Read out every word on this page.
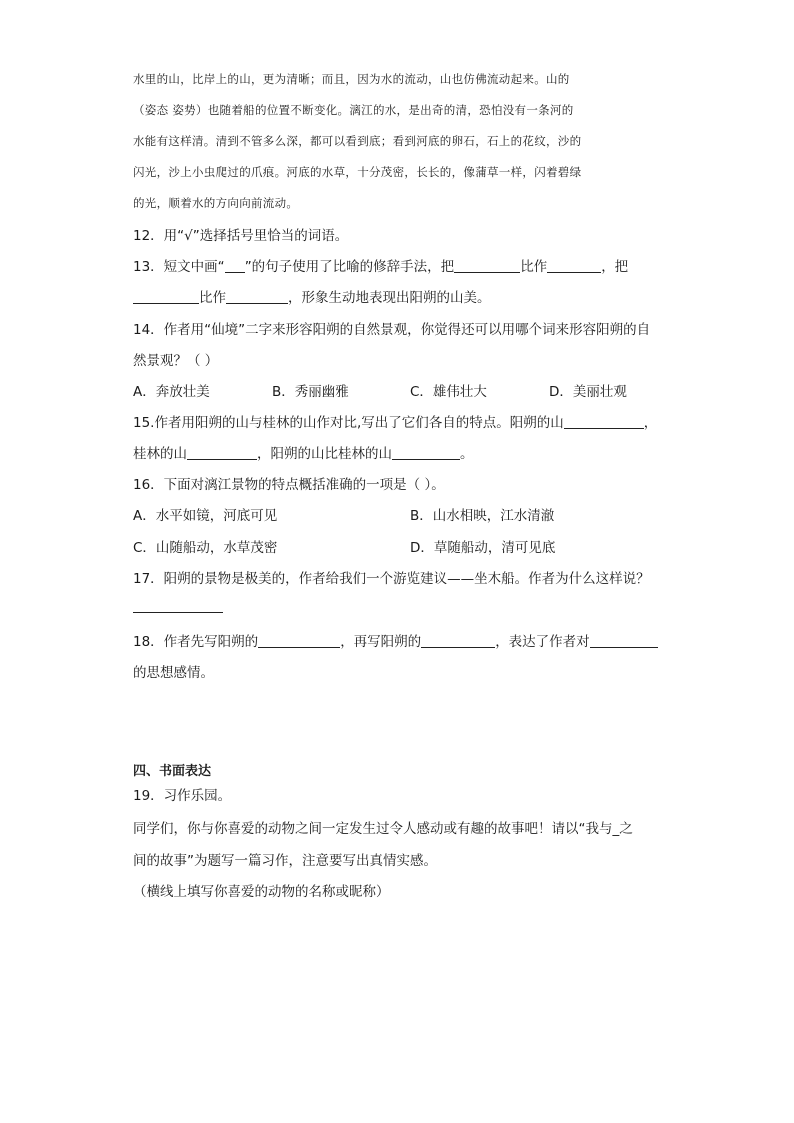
水里的山，比岸上的山，更为清晰；而且，因为水的流动，山也仿佛流动起来。山的

（姿态 姿势）也随着船的位置不断变化。漓江的水，是出奇的清，恐怕没有一条河的

水能有这样清。清到不管多么深，都可以看到底；看到河底的卵石，石上的花纹，沙的

闪光，沙上小虫爬过的爪痕。河底的水草，十分茂密，长长的，像蒲草一样，闪着碧绿

的光，顺着水的方向向前流动。

12．用“√”选择括号里恰当的词语。
13．短文中画“ ”的句子使用了比喻的修辞手法，把	比作	，把
比作	，形象生动地表现出阳朔的山美。
14．作者用“仙境”二字来形容阳朔的自然景观，你觉得还可以用哪个词来形容阳朔的自
然景观？（ ）
A．奔放壮美	B．秀丽幽雅	C．雄伟壮大	D．美丽壮观
15.作者用阳朔的山与桂林的山作对比,写出了它们各自的特点。阳朔的山	，
桂林的山	，阳朔的山比桂林的山	。
16．下面对漓江景物的特点概括准确的一项是（ ）。
A．水平如镜，河底可见	B．山水相映，江水清澈
C．山随船动，水草茂密	D．草随船动，清可见底
17．阳朔的景物是极美的，作者给我们一个游览建议——坐木船。作者为什么这样说？
18．作者先写阳朔的	，再写阳朔的	，表达了作者对
的思想感情。
四、书面表达
19．习作乐园。
同学们，你与你喜爱的动物之间一定发生过令人感动或有趣的故事吧！请以“我与_之
间的故事”为题写一篇习作，注意要写出真情实感。
（横线上填写你喜爱的动物的名称或昵称）
